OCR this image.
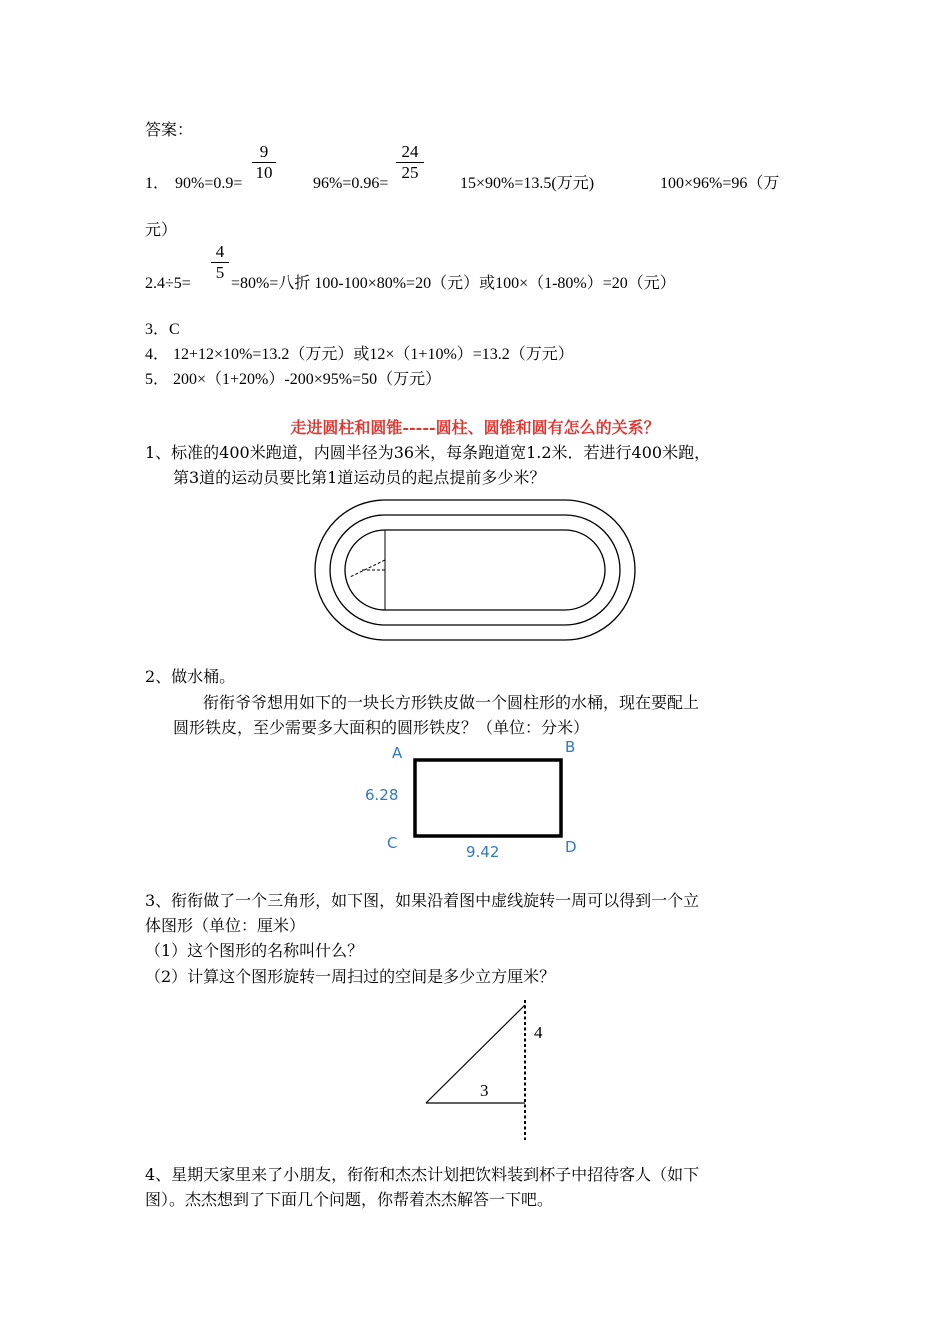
答案：
1． 90%=0.9=
9
10
96%=0.96=
24
25
15×90%=13.5(万元)	100×96%=96（万
元）
2.4÷5=
4
5
=80%=八折 100-100×80%=20（元）或100×（1-80%）=20（元）
3．C
4． 12+12×10%=13.2（万元）或12×（1+10%）=13.2（万元）
5． 200×（1+20%）-200×95%=50（万元）
走进圆柱和圆锥-----圆柱、圆锥和圆有怎么的关系？
1、标准的400米跑道，内圆半径为36米，每条跑道宽1.2米．若进行400米跑，
第3道的运动员要比第1道运动员的起点提前多少米？
2、做水桶。
衔衔爷爷想用如下的一块长方形铁皮做一个圆柱形的水桶，现在要配上
圆形铁皮，至少需要多大面积的圆形铁皮？（单位：分米）
A	B
C	D
6.28
9.42
3、衔衔做了一个三角形，如下图，如果沿着图中虚线旋转一周可以得到一个立
体图形（单位：厘米）
（1）这个图形的名称叫什么？
（2）计算这个图形旋转一周扫过的空间是多少立方厘米？
4
3
4、星期天家里来了小朋友，衔衔和杰杰计划把饮料装到杯子中招待客人（如下
图）。杰杰想到了下面几个问题，你帮着杰杰解答一下吧。
